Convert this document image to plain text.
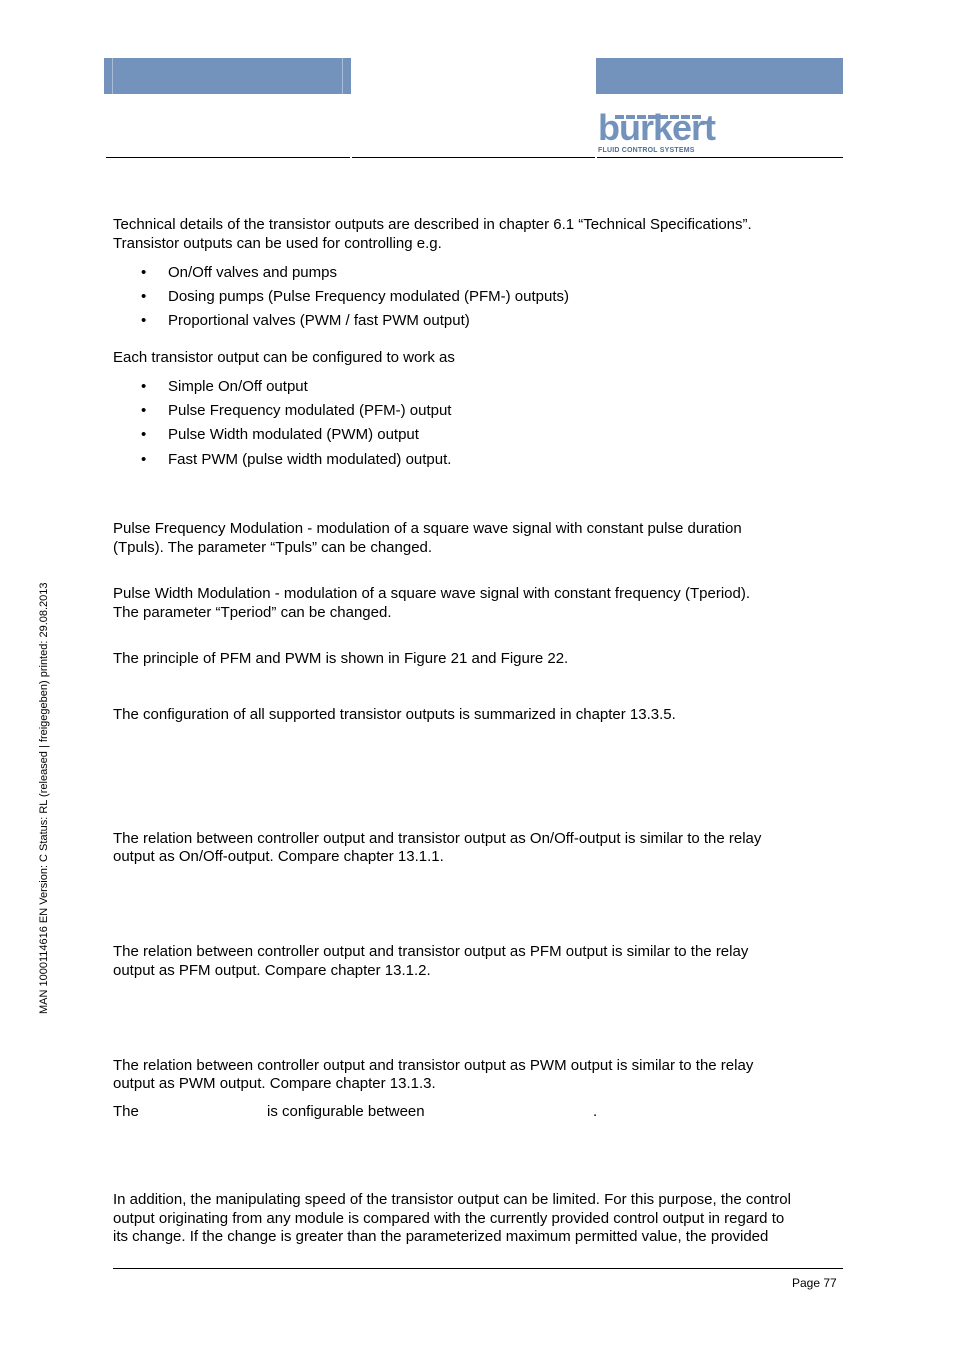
burkert
FLUID CONTROL SYSTEMS
MAN 1000114616 EN Version: C Status: RL (released | freigegeben) printed: 29.08.2013
Technical details of the transistor outputs are described in chapter 6.1 “Technical Specifications”.
Transistor outputs can be used for controlling e.g.
• On/Off valves and pumps
• Dosing pumps (Pulse Frequency modulated (PFM-) outputs)
• Proportional valves (PWM / fast PWM output)
Each transistor output can be configured to work as
• Simple On/Off output
• Pulse Frequency modulated (PFM-) output
• Pulse Width modulated (PWM) output
• Fast PWM (pulse width modulated) output.
Pulse Frequency Modulation - modulation of a square wave signal with constant pulse duration
(Tpuls). The parameter “Tpuls” can be changed.
Pulse Width Modulation - modulation of a square wave signal with constant frequency (Tperiod).
The parameter “Tperiod” can be changed.
The principle of PFM and PWM is shown in Figure 21 and Figure 22.
The configuration of all supported transistor outputs is summarized in chapter 13.3.5.
The relation between controller output and transistor output as On/Off-output is similar to the relay
output as On/Off-output. Compare chapter 13.1.1.
The relation between controller output and transistor output as PFM output is similar to the relay
output as PFM output. Compare chapter 13.1.2.
The relation between controller output and transistor output as PWM output is similar to the relay
output as PWM output. Compare chapter 13.1.3.
The	is configurable between	.
In addition, the manipulating speed of the transistor output can be limited. For this purpose, the control
output originating from any module is compared with the currently provided control output in regard to
its change. If the change is greater than the parameterized maximum permitted value, the provided
Page 77
